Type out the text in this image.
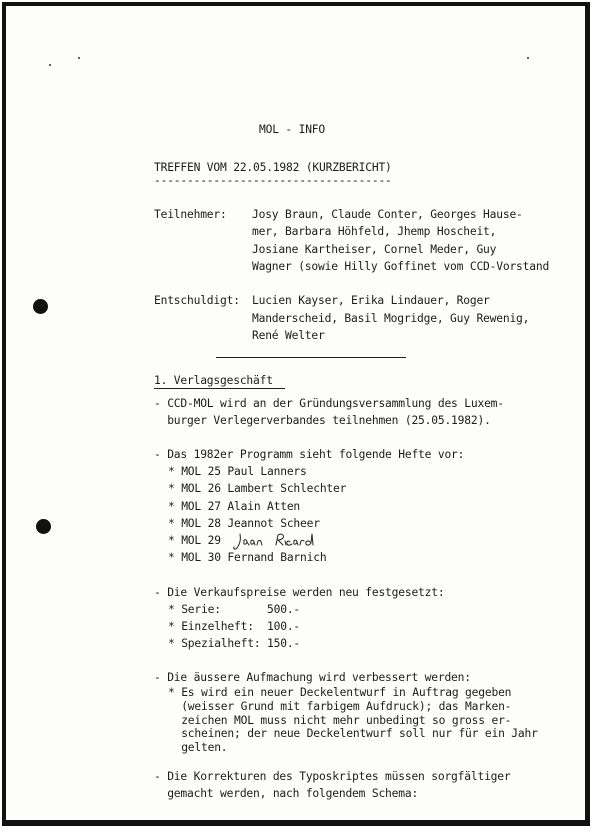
MOL - INFO
TREFFEN VOM 22.05.1982 (KURZBERICHT)
------------------------------------
Teilnehmer: Josy Braun, Claude Conter, Georges Hause-
mer, Barbara Höhfeld, Jhemp Hoscheit,
Josiane Kartheiser, Cornel Meder, Guy
Wagner (sowie Hilly Goffinet vom CCD-Vorstand
Entschuldigt: Lucien Kayser, Erika Lindauer, Roger
Manderscheid, Basil Mogridge, Guy Rewenig,
René Welter
1. Verlagsgeschäft
- CCD-MOL wird an der Gründungsversammlung des Luxem-
burger Verlegerverbandes teilnehmen (25.05.1982).
- Das 1982er Programm sieht folgende Hefte vor:
* MOL 25 Paul Lanners
* MOL 26 Lambert Schlechter
* MOL 27 Alain Atten
* MOL 28 Jeannot Scheer
* MOL 29
* MOL 30 Fernand Barnich
- Die Verkaufspreise werden neu festgesetzt:
* Serie:       500.-
* Einzelheft:  100.-
* Spezialheft: 150.-
- Die äussere Aufmachung wird verbessert werden:
* Es wird ein neuer Deckelentwurf in Auftrag gegeben
(weisser Grund mit farbigem Aufdruck); das Marken-
zeichen MOL muss nicht mehr unbedingt so gross er-
scheinen; der neue Deckelentwurf soll nur für ein Jahr
gelten.
- Die Korrekturen des Typoskriptes müssen sorgfältiger
gemacht werden, nach folgendem Schema:
